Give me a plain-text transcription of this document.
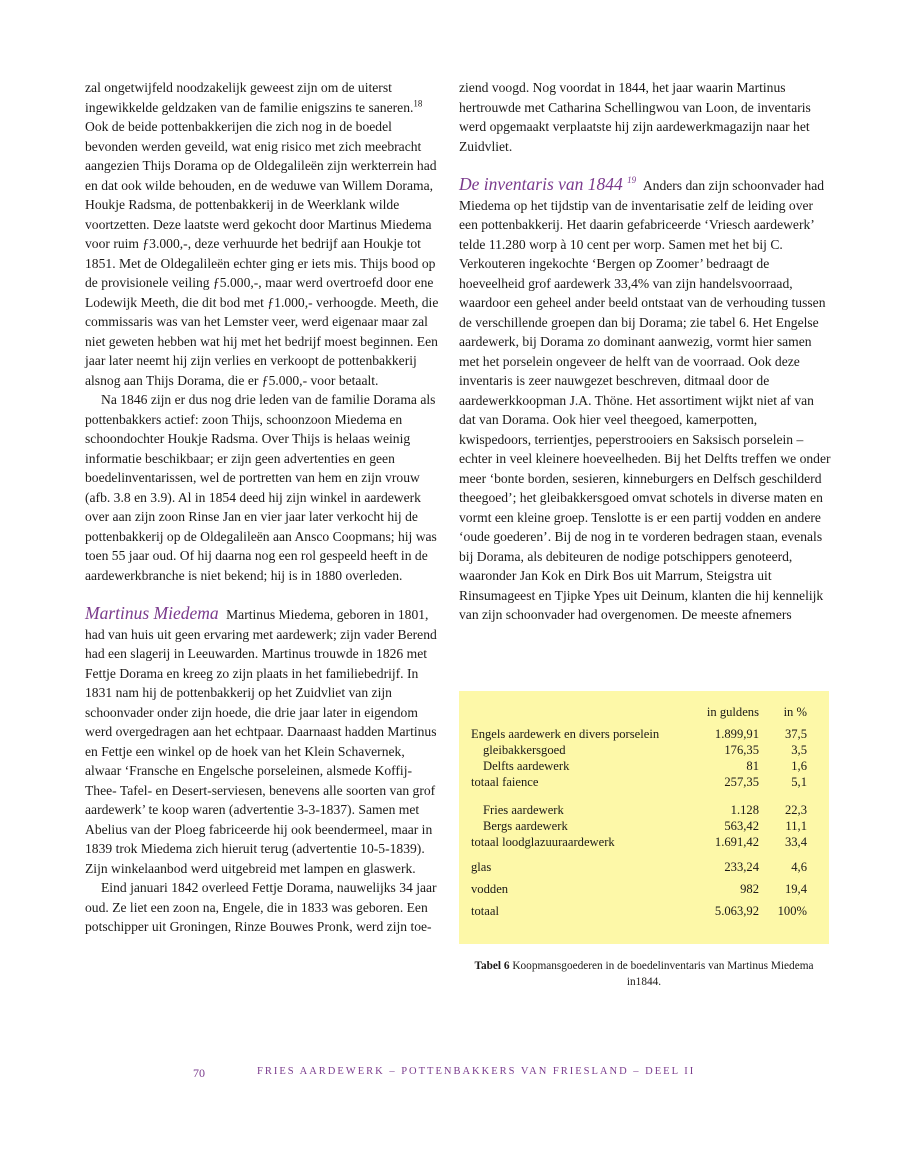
zal ongetwijfeld noodzakelijk geweest zijn om de uiterst ingewikkelde geldzaken van de familie enigszins te saneren.$^{18}$ Ook de beide pottenbakkerijen die zich nog in de boedel bevonden werden geveild, wat enig risico met zich meebracht aangezien Thijs Dorama op de Oldegalileën zijn werkterrein had en dat ook wilde behouden, en de weduwe van Willem Dorama, Houkje Radsma, de pottenbakkerij in de Weerklank wilde voortzetten. Deze laatste werd gekocht door Martinus Miedema voor ruim ƒ3.000,-, deze verhuurde het bedrijf aan Houkje tot 1851. Met de Oldegalileën echter ging er iets mis. Thijs bood op de provisionele veiling ƒ5.000,-, maar werd overtroefd door ene Lodewijk Meeth, die dit bod met ƒ1.000,- verhoogde. Meeth, die commissaris was van het Lemster veer, werd eigenaar maar zal niet geweten hebben wat hij met het bedrijf moest beginnen. Een jaar later neemt hij zijn verlies en verkoopt de pottenbakkerij alsnog aan Thijs Dorama, die er ƒ5.000,- voor betaalt.

Na 1846 zijn er dus nog drie leden van de familie Dorama als pottenbakkers actief: zoon Thijs, schoonzoon Miedema en schoondochter Houkje Radsma. Over Thijs is helaas weinig informatie beschikbaar; er zijn geen advertenties en geen boedelinventarissen, wel de portretten van hem en zijn vrouw (afb. 3.8 en 3.9). Al in 1854 deed hij zijn winkel in aardewerk over aan zijn zoon Rinse Jan en vier jaar later verkocht hij de pottenbakkerij op de Oldegalileën aan Ansco Coopmans; hij was toen 55 jaar oud. Of hij daarna nog een rol gespeeld heeft in de aardewerkbranche is niet bekend; hij is in 1880 overleden.

Martinus Miedema Martinus Miedema, geboren in 1801, had van huis uit geen ervaring met aardewerk; zijn vader Berend had een slagerij in Leeuwarden. Martinus trouwde in 1826 met Fettje Dorama en kreeg zo zijn plaats in het familiebedrijf. In 1831 nam hij de pottenbakkerij op het Zuidvliet van zijn schoonvader onder zijn hoede, die drie jaar later in eigendom werd overgedragen aan het echtpaar. Daarnaast hadden Martinus en Fettje een winkel op de hoek van het Klein Schavernek, alwaar ‘Fransche en Engelsche porseleinen, alsmede Koffij- Thee- Tafel- en Desert-serviesen, benevens alle soorten van grof aardewerk’ te koop waren (advertentie 3-3-1837). Samen met Abelius van der Ploeg fabriceerde hij ook beendermeel, maar in 1839 trok Miedema zich hieruit terug (advertentie 10-5-1839). Zijn winkelaanbod werd uitgebreid met lampen en glaswerk.

Eind januari 1842 overleed Fettje Dorama, nauwelijks 34 jaar oud. Ze liet een zoon na, Engele, die in 1833 was geboren. Een potschipper uit Groningen, Rinze Bouwes Pronk, werd zijn toe-

ziend voogd. Nog voordat in 1844, het jaar waarin Martinus hertrouwde met Catharina Schellingwou van Loon, de inventaris werd opgemaakt verplaatste hij zijn aardewerkmagazijn naar het Zuidvliet.

De inventaris van 1844 $^{19}$ Anders dan zijn schoonvader had Miedema op het tijdstip van de inventarisatie zelf de leiding over een pottenbakkerij. Het daarin gefabriceerde ‘Vriesch aardewerk’ telde 11.280 worp à 10 cent per worp. Samen met het bij C. Verkouteren ingekochte ‘Bergen op Zoomer’ bedraagt de hoeveelheid grof aardewerk 33,4% van zijn handelsvoorraad, waardoor een geheel ander beeld ontstaat van de verhouding tussen de verschillende groepen dan bij Dorama; zie tabel 6. Het Engelse aardewerk, bij Dorama zo dominant aanwezig, vormt hier samen met het porselein ongeveer de helft van de voorraad. Ook deze inventaris is zeer nauwgezet beschreven, ditmaal door de aardewerkkoopman J.A. Thöne. Het assortiment wijkt niet af van dat van Dorama. Ook hier veel theegoed, kamerpotten, kwispedoors, terrientjes, peperstrooiers en Saksisch porselein – echter in veel kleinere hoeveelheden. Bij het Delfts treffen we onder meer ‘bonte borden, sesieren, kinneburgers en Delfsch geschilderd theegoed’; het gleibakkersgoed omvat schotels in diverse maten en vormt een kleine groep. Tenslotte is er een partij vodden en andere ‘oude goederen’. Bij de nog in te vorderen bedragen staan, evenals bij Dorama, als debiteuren de nodige potschippers genoteerd, waaronder Jan Kok en Dirk Bos uit Marrum, Steigstra uit Rinsumageest en Tjipke Ypes uit Deinum, klanten die hij kennelijk van zijn schoonvader had overgenomen. De meeste afnemers

in guldens	in %
Engels aardewerk en divers porselein	1.899,91	37,5
gleibakkersgoed	176,35	3,5
Delfts aardewerk	81	1,6
totaal faience	257,35	5,1
Fries aardewerk	1.128	22,3
Bergs aardewerk	563,42	11,1
totaal loodglazuuraardewerk	1.691,42	33,4
glas	233,24	4,6
vodden	982	19,4
totaal	5.063,92	100%
Tabel 6 Koopmansgoederen in de boedelinventaris van Martinus Miedema in1844.
70	FRIES AARDEWERK – POTTENBAKKERS VAN FRIESLAND – DEEL II
